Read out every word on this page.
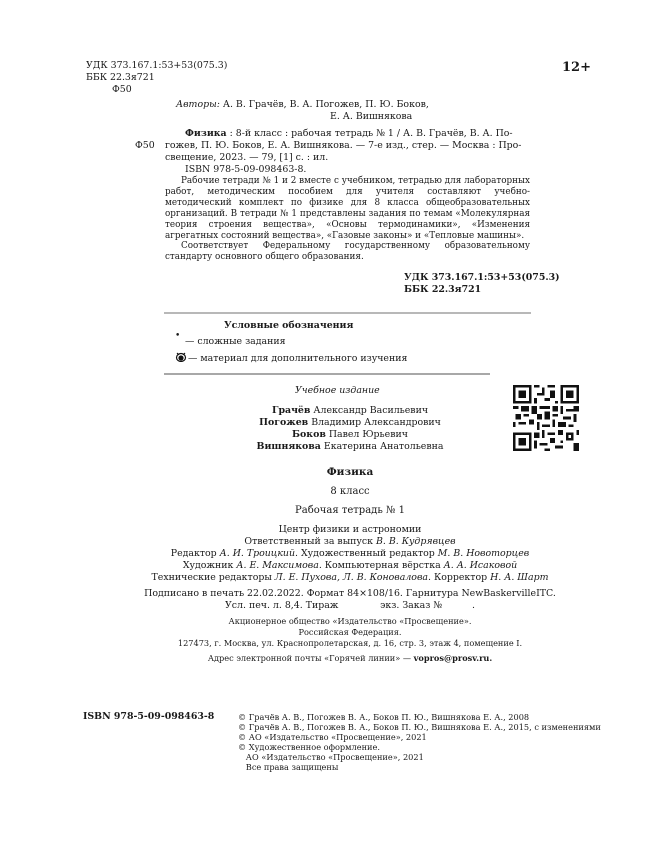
УДК 373.167.1:53+53(075.3)
ББК 22.3я721
Ф50
12+
Авторы: А. В. Грачёв, В. А. Погожев, П. Ю. Боков,
Е. А. Вишнякова
Физика : 8-й класс : рабочая тетрадь № 1 / А. В. Грачёв, В. А. По-
Ф50 гожев, П. Ю. Боков, Е. А. Вишнякова. — 7-е изд., стер. — Москва : Про-
свещение, 2023. — 79, [1] с. : ил.
ISBN 978-5-09-098463-8.

Рабочие тетради № 1 и 2 вместе с учебником, тетрадью для лабораторных работ, методическим пособием для учителя составляют учебно-методический комплект по физике для 8 класса общеобразовательных организаций. В тетради № 1 представлены задания по темам «Молекулярная теория строения вещества», «Основы термодинамики», «Изменения агрегатных состояний вещества», «Газовые законы» и «Тепловые машины».

Соответствует Федеральному государственному образовательному стандарту основного общего образования.

УДК 373.167.1:53+53(075.3)
ББК 22.3я721
Условные обозначения
• — сложные задания
— материал для дополнительного изучения
Учебное издание
Грачёв Александр Васильевич
Погожев Владимир Александрович
Боков Павел Юрьевич
Вишнякова Екатерина Анатольевна
Физика
8 класс
Рабочая тетрадь № 1
Центр физики и астрономии
Ответственный за выпуск В. В. Кудрявцев
Редактор А. И. Троицкий. Художественный редактор М. В. Новоторцев
Художник А. Е. Максимова. Компьютерная вёрстка А. А. Исаковой
Технические редакторы Л. Е. Пухова, Л. В. Коновалова. Корректор Н. А. Шарт
Подписано в печать 22.02.2022. Формат 84×108/16. Гарнитура NewBaskervilleITC.
Усл. печ. л. 8,4. Тираж              экз. Заказ №          .
Акционерное общество «Издательство «Просвещение».
Российская Федерация.
127473, г. Москва, ул. Краснопролетарская, д. 16, стр. 3, этаж 4, помещение I.
Адрес электронной почты «Горячей линии» — vopros@prosv.ru.
ISBN 978-5-09-098463-8	© Грачёв А. В., Погожев В. А., Боков П. Ю., Вишнякова Е. А., 2008
© Грачёв А. В., Погожев В. А., Боков П. Ю., Вишнякова Е. А., 2015, с изменениями
© АО «Издательство «Просвещение», 2021
© Художественное оформление.
АО «Издательство «Просвещение», 2021
Все права защищены
